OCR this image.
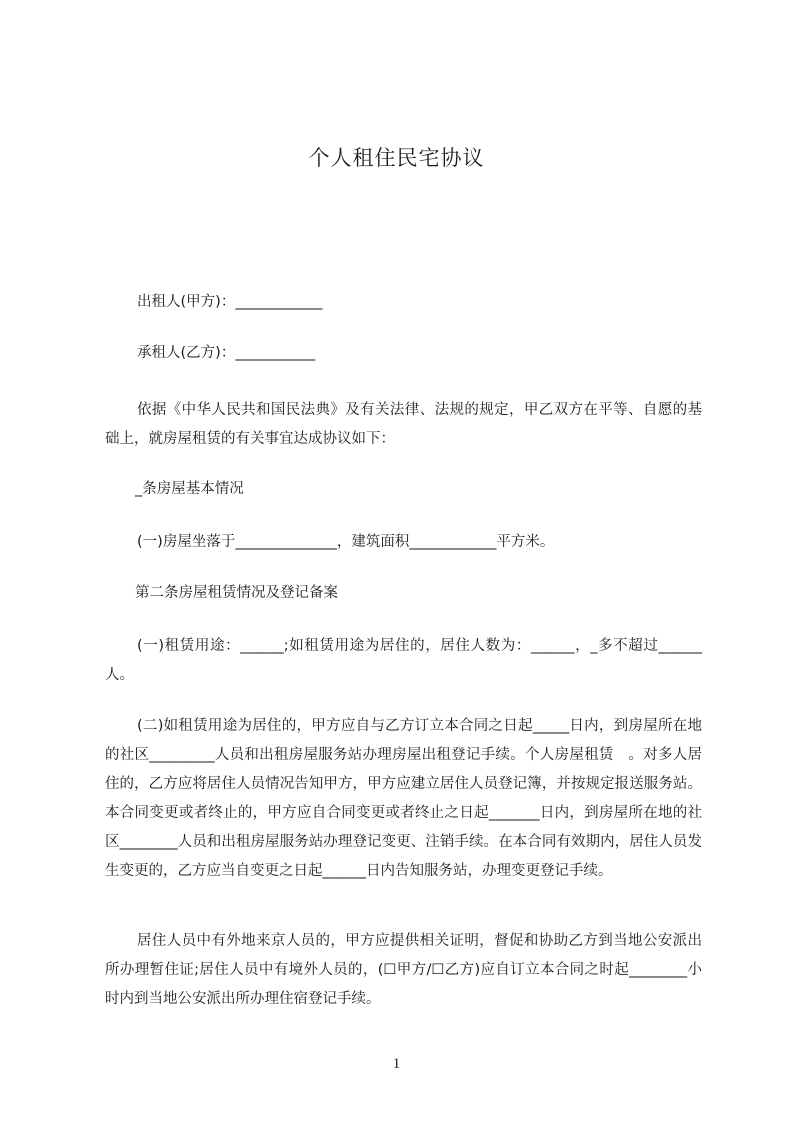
个人租住民宅协议
出租人(甲方)：____________
承租人(乙方)：___________
依据《中华人民共和国民法典》及有关法律、法规的规定，甲乙双方在平等、自愿的基础上，就房屋租赁的有关事宜达成协议如下：
_条房屋基本情况
(一)房屋坐落于______________，建筑面积____________平方米。
第二条房屋租赁情况及登记备案
(一)租赁用途：______;如租赁用途为居住的，居住人数为：______，_多不超过______人。
(二)如租赁用途为居住的，甲方应自与乙方订立本合同之日起_____日内，到房屋所在地的社区_________人员和出租房屋服务站办理房屋出租登记手续。个人房屋租赁　。对多人居住的，乙方应将居住人员情况告知甲方，甲方应建立居住人员登记簿，并按规定报送服务站。本合同变更或者终止的，甲方应自合同变更或者终止之日起_______日内，到房屋所在地的社区________人员和出租房屋服务站办理登记变更、注销手续。在本合同有效期内，居住人员发生变更的，乙方应当自变更之日起______日内告知服务站，办理变更登记手续。
居住人员中有外地来京人员的，甲方应提供相关证明，督促和协助乙方到当地公安派出所办理暂住证;居住人员中有境外人员的，(☐甲方/☐乙方)应自订立本合同之时起________小时内到当地公安派出所办理住宿登记手续。
1
